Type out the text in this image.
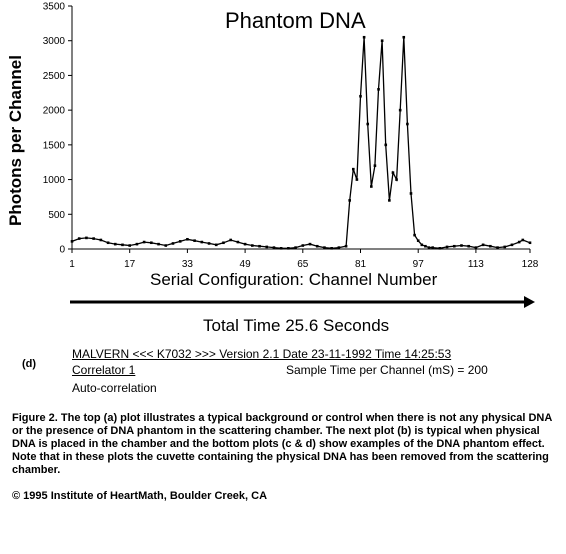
0
500
1000
1500
2000
2500
3000
3500
1	17	33	49	65	81	97	113	128
Phantom DNA
Photons per Channel
Serial Configuration: Channel Number
Total Time 25.6 Seconds
(d)
MALVERN <<< K7032 >>> Version 2.1 Date 23-11-1992 Time 14:25:53
Correlator 1	Sample Time per Channel (mS) = 200
Auto-correlation
Figure 2. The top (a) plot illustrates a typical background or control when there is not any physical DNA or the presence of DNA phantom in the scattering chamber. The next plot (b) is typical when physical DNA is placed in the chamber and the bottom plots (c & d) show examples of the DNA phantom effect. Note that in these plots the cuvette containing the physical DNA has been removed from the scattering chamber.
© 1995 Institute of HeartMath, Boulder Creek, CA
